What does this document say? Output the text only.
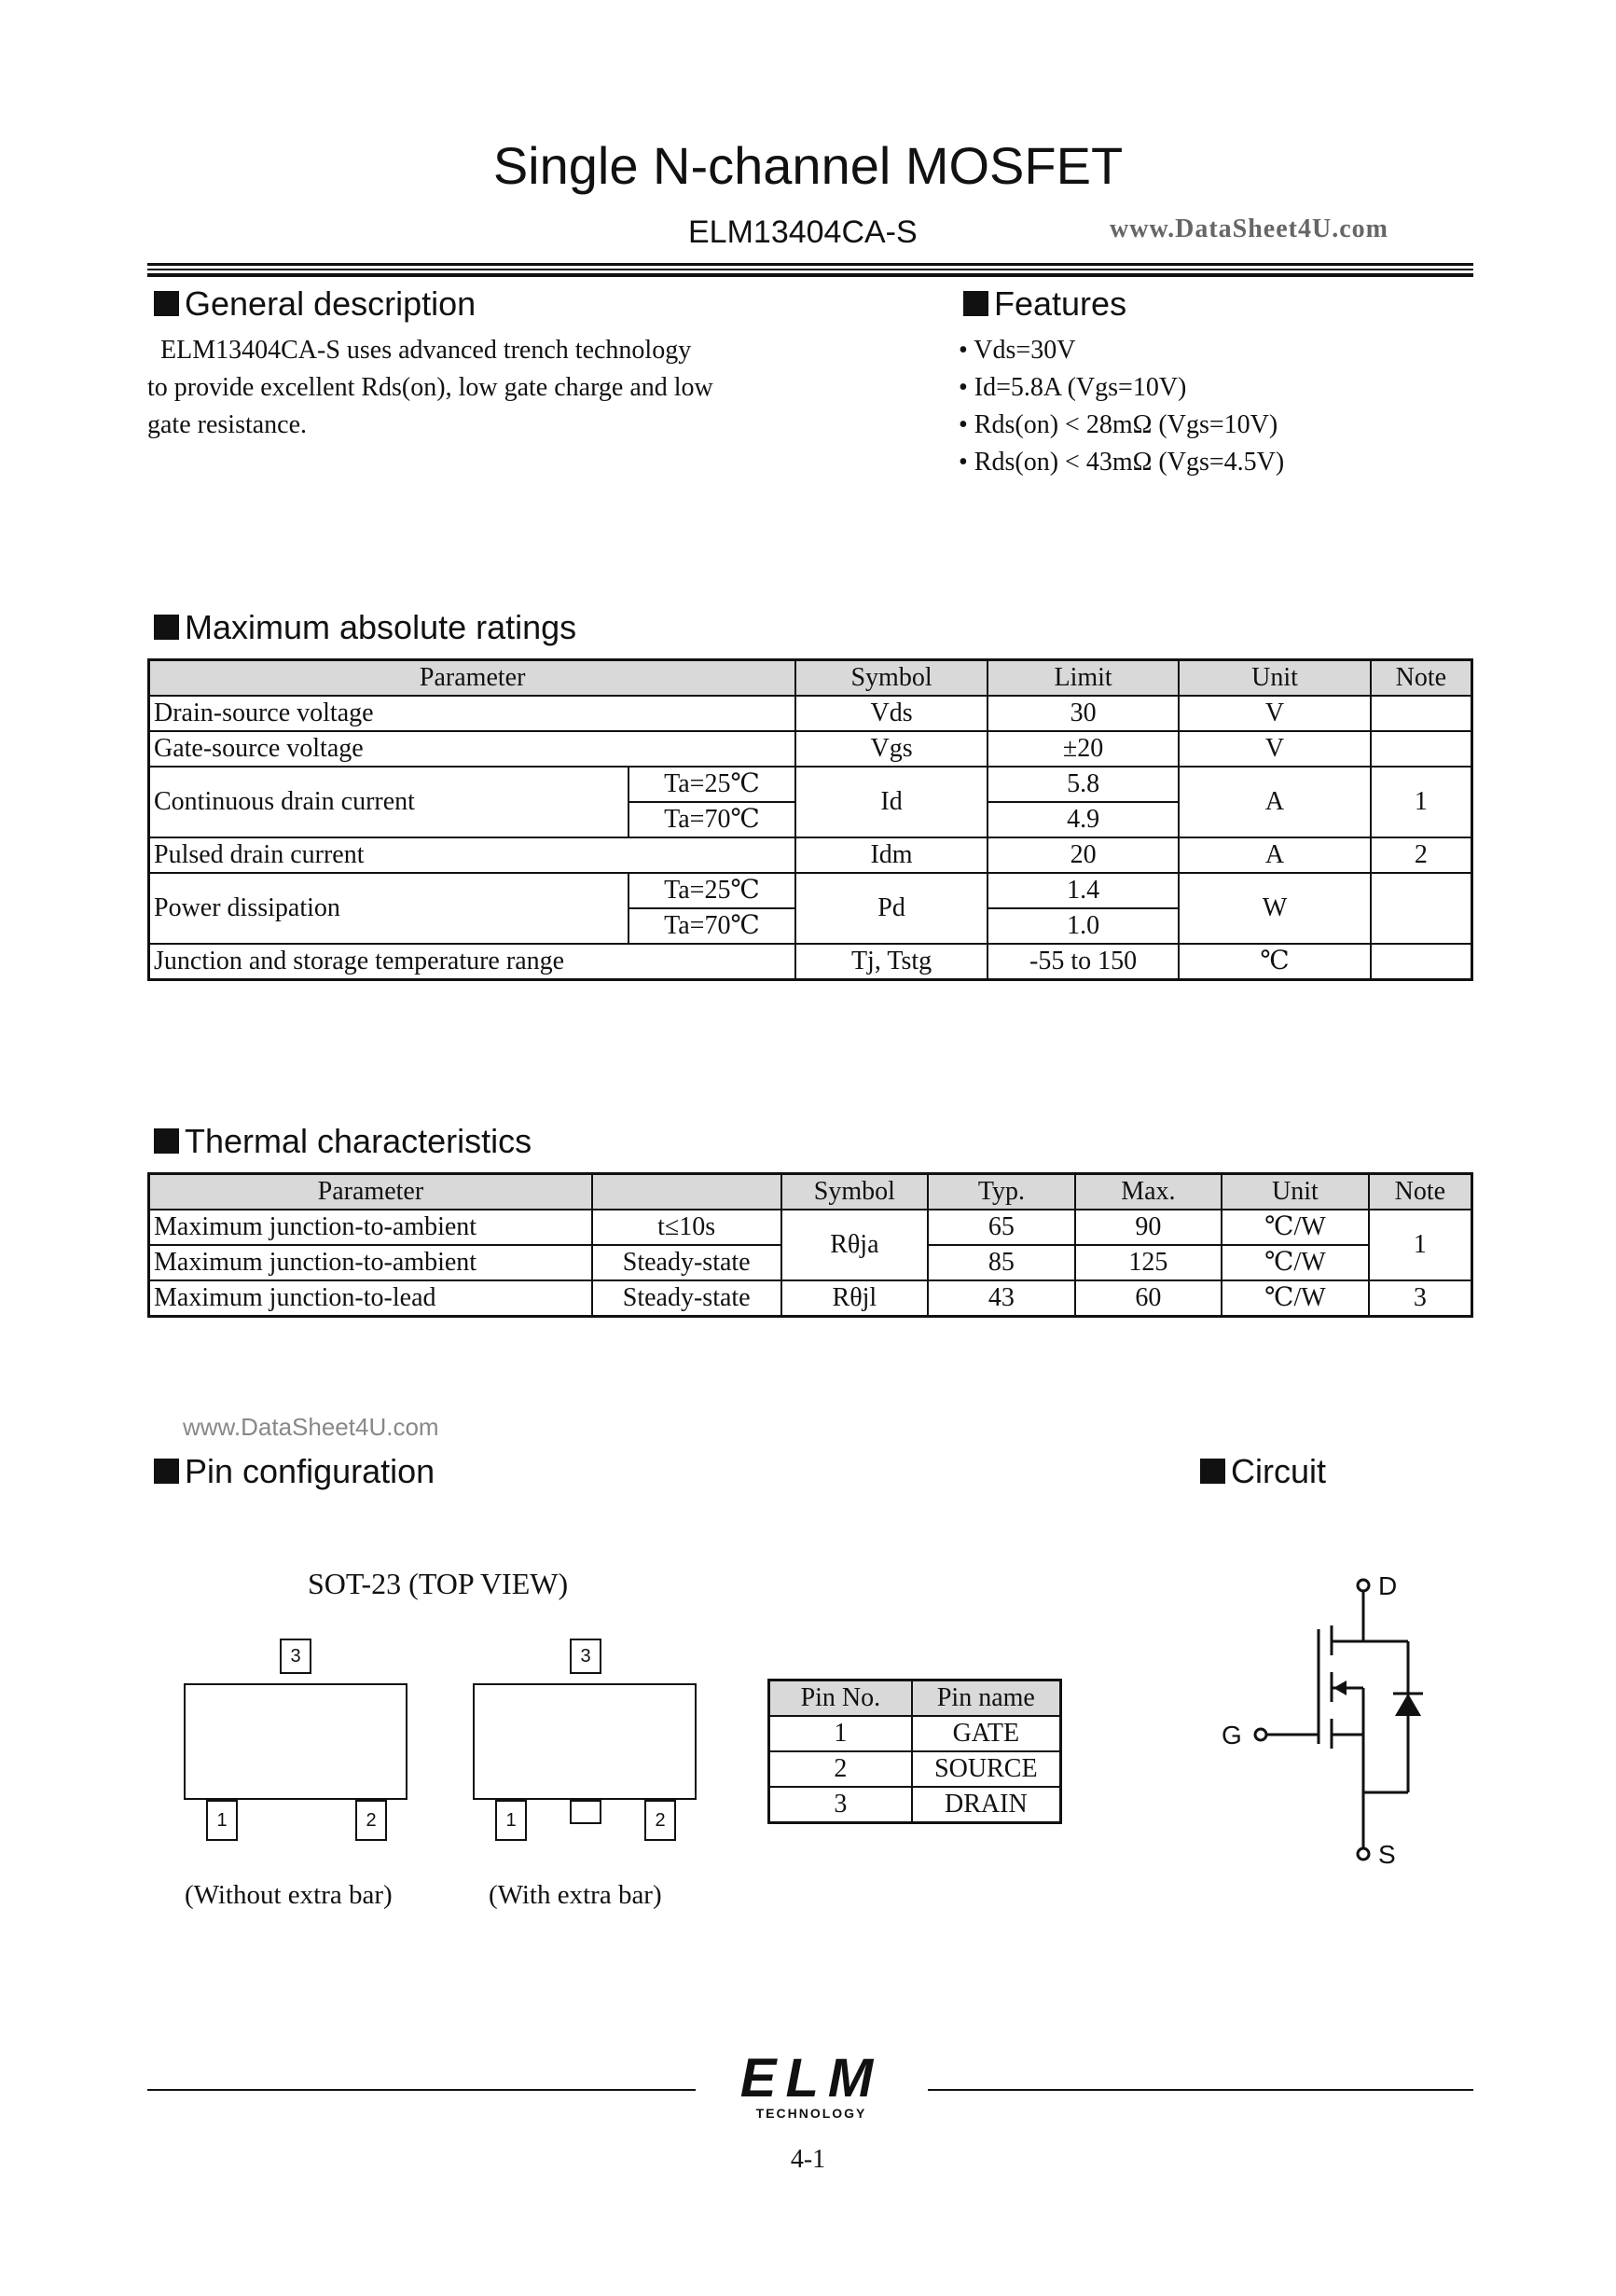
Single N-channel MOSFET
ELM13404CA-S	www.DataSheet4U.com
General description
ELM13404CA-S uses advanced trench technology
to provide excellent Rds(on), low gate charge and low
gate resistance.
Features
• Vds=30V
• Id=5.8A (Vgs=10V)
• Rds(on) < 28mΩ (Vgs=10V)
• Rds(on) < 43mΩ (Vgs=4.5V)
Maximum absolute ratings
Parameter		Symbol	Limit	Unit	Note
Drain-source voltage		Vds	30	V	
Gate-source voltage		Vgs	±20	V	
Continuous drain current	Ta=25℃	Id	5.8	A	1
	Ta=70℃		4.9		
Pulsed drain current		Idm	20	A	2
Power dissipation	Ta=25℃	Pd	1.4	W	
	Ta=70℃		1.0		
Junction and storage temperature range		Tj, Tstg	-55 to 150	℃	
Thermal characteristics
Parameter		Symbol	Typ.	Max.	Unit	Note
Maximum junction-to-ambient	t≤10s	Rθja	65	90	℃/W	1
Maximum junction-to-ambient	Steady-state		85	125	℃/W	
Maximum junction-to-lead	Steady-state	Rθjl	43	60	℃/W	3
www.DataSheet4U.com
Pin configuration	Circuit
SOT-23 (TOP VIEW)
3
1	2
(Without extra bar)
3
1	2
(With extra bar)
Pin No.	Pin name
1	GATE
2	SOURCE
3	DRAIN
D
G
S
ELM
TECHNOLOGY
4-1
